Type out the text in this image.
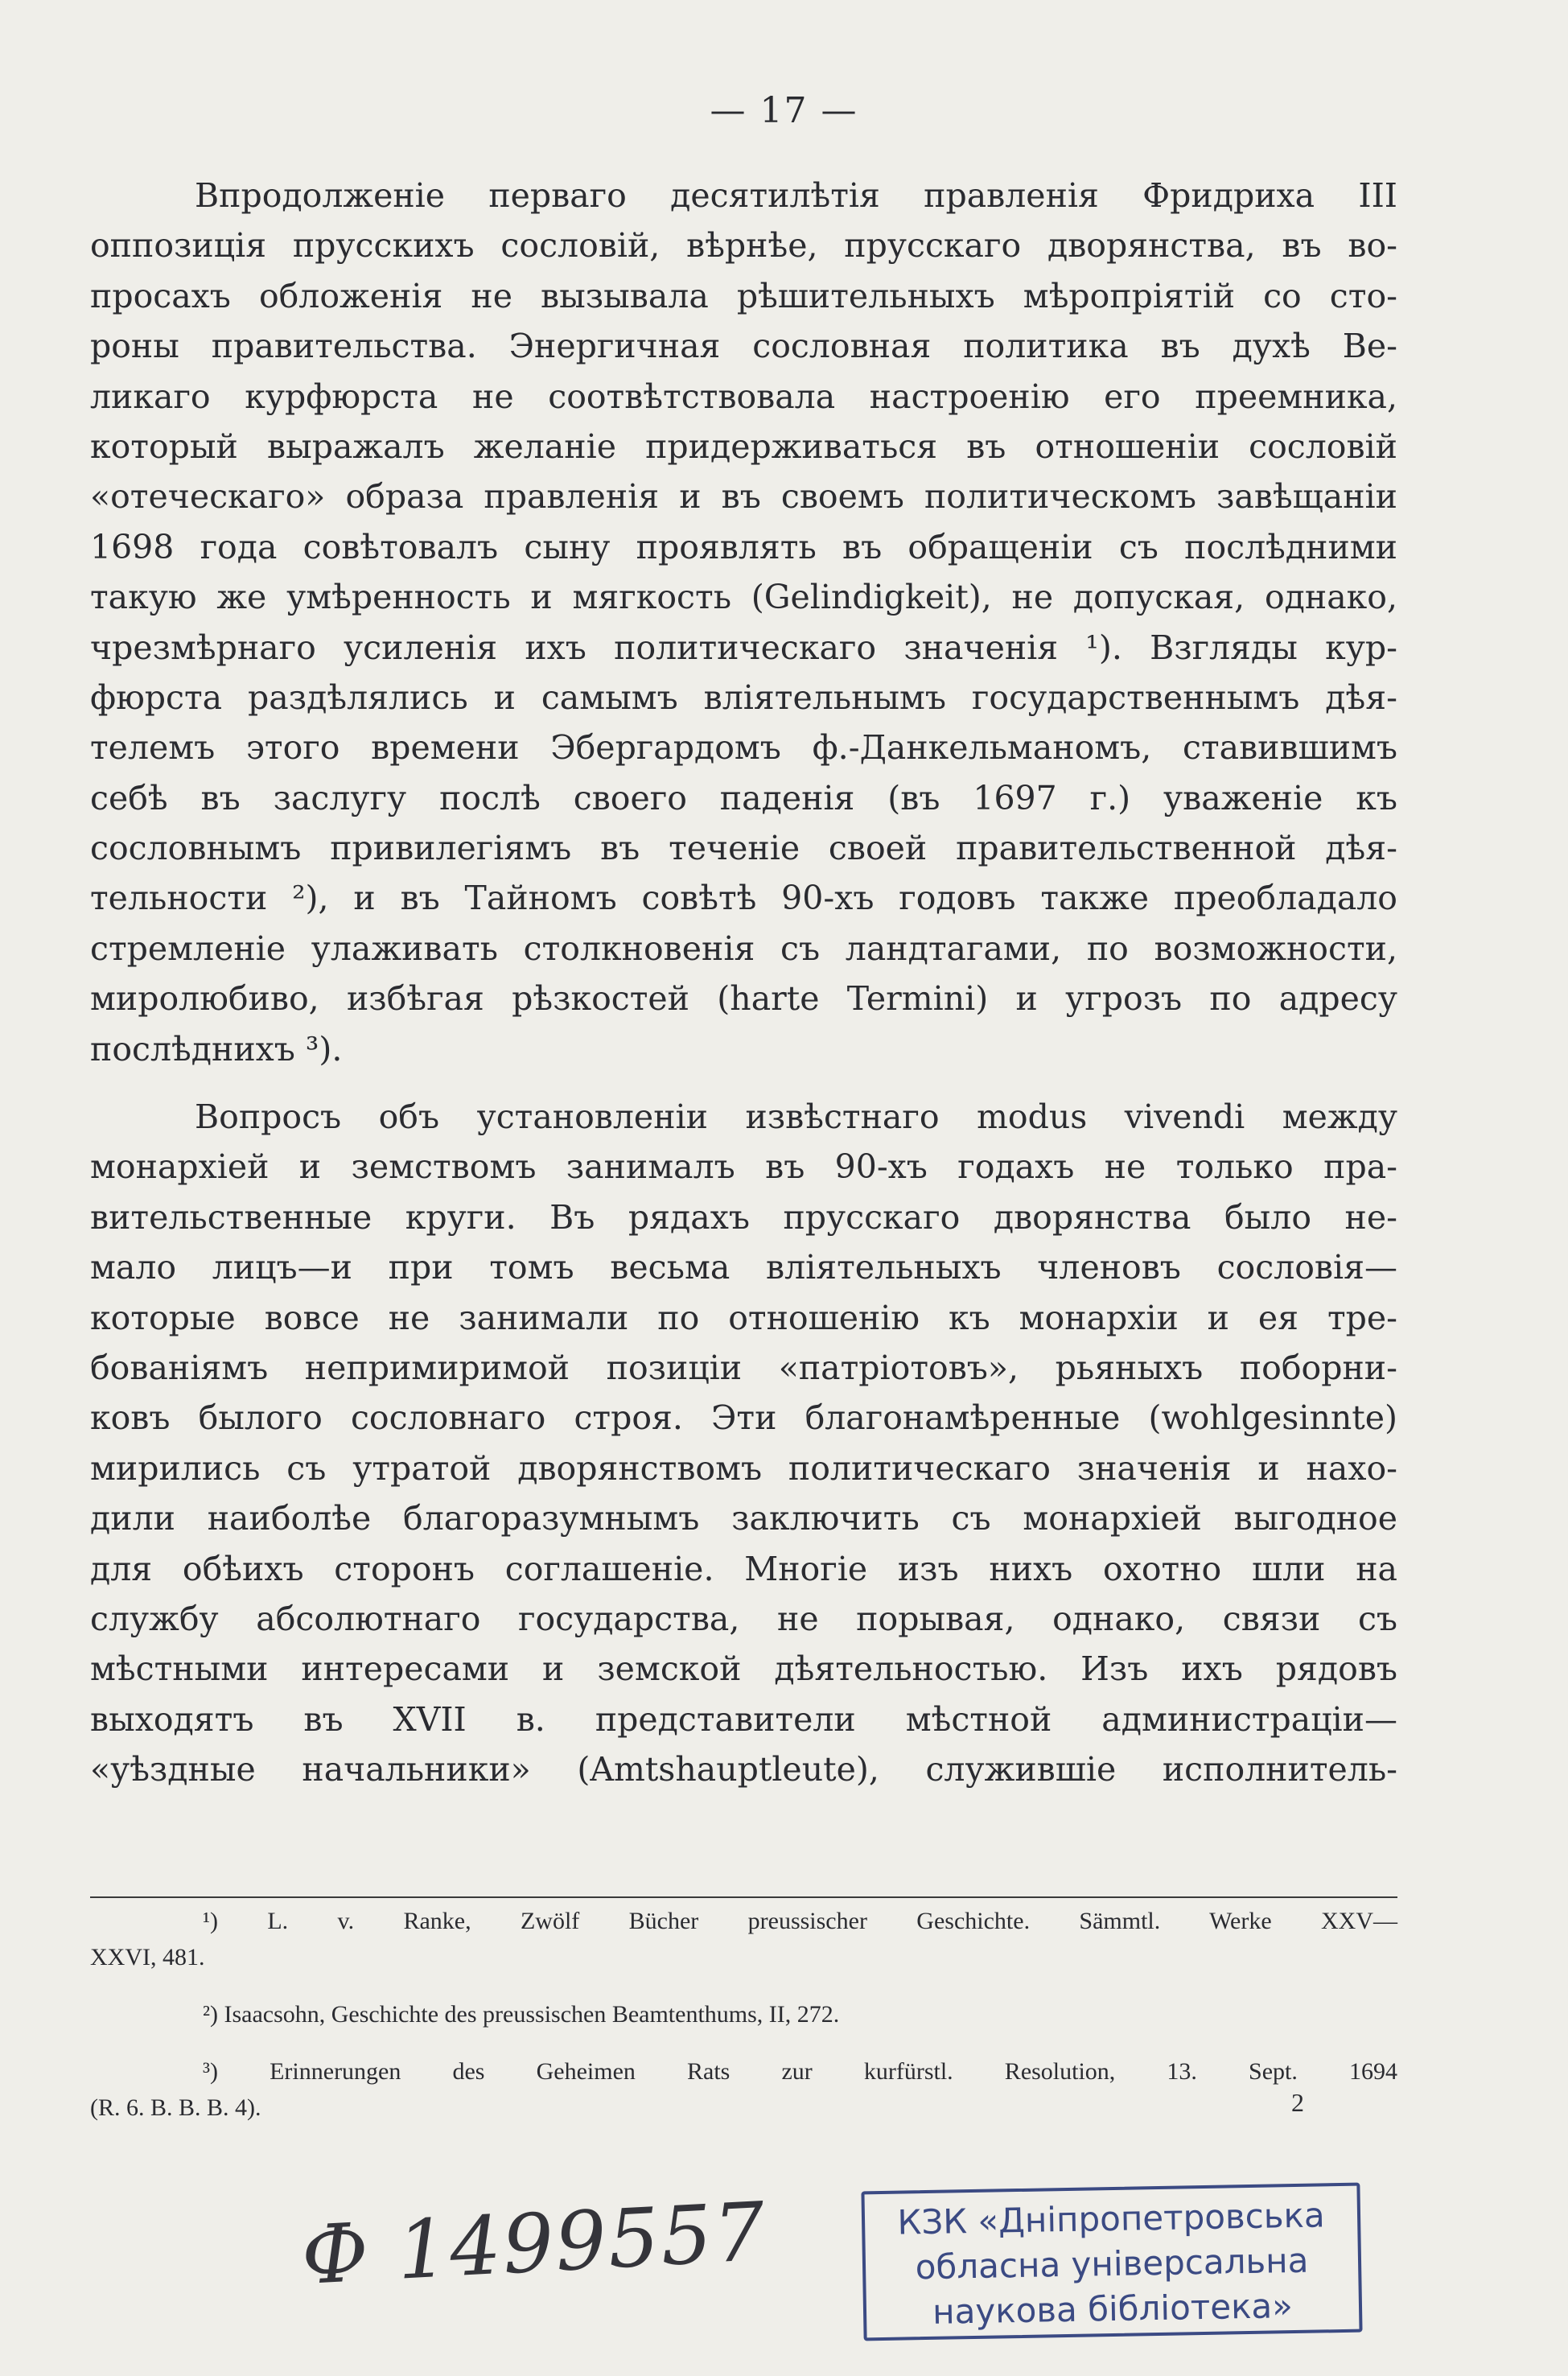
— 17 —
Впродолженіе перваго десятилѣтія правленія Фридриха III
оппозиція прусскихъ сословій, вѣрнѣе, прусскаго дворянства, въ во-
просахъ обложенія не вызывала рѣшительныхъ мѣропріятій со сто-
роны правительства. Энергичная сословная политика въ духѣ Ве-
ликаго курфюрста не соотвѣтствовала настроенію его преемника,
который выражалъ желаніе придерживаться въ отношеніи сословій
«отеческаго» образа правленія и въ своемъ политическомъ завѣщаніи
1698 года совѣтовалъ сыну проявлять въ обращеніи съ послѣдними
такую же умѣренность и мягкость (Gelindigkeit), не допуская, однако,
чрезмѣрнаго усиленія ихъ политическаго значенія ¹). Взгляды кур-
фюрста раздѣлялись и самымъ вліятельнымъ государственнымъ дѣя-
телемъ этого времени Эбергардомъ ф.-Данкельманомъ, ставившимъ
себѣ въ заслугу послѣ своего паденія (въ 1697 г.) уваженіе къ
сословнымъ привилегіямъ въ теченіе своей правительственной дѣя-
тельности ²), и въ Тайномъ совѣтѣ 90-хъ годовъ также преобладало
стремленіе улаживать столкновенія съ ландтагами, по возможности,
миролюбиво, избѣгая рѣзкостей (harte Termini) и угрозъ по адресу
послѣднихъ ³).
Вопросъ объ установленіи извѣстнаго modus vivendi между
монархіей и земствомъ занималъ въ 90-хъ годахъ не только пра-
вительственные круги. Въ рядахъ прусскаго дворянства было не-
мало лицъ—и при томъ весьма вліятельныхъ членовъ сословія—
которые вовсе не занимали по отношенію къ монархіи и ея тре-
бованіямъ непримиримой позиціи «патріотовъ», рьяныхъ поборни-
ковъ былого сословнаго строя. Эти благонамѣренные (wohlgesinnte)
мирились съ утратой дворянствомъ политическаго значенія и нахо-
дили наиболѣе благоразумнымъ заключить съ монархіей выгодное
для обѣихъ сторонъ соглашеніе. Многіе изъ нихъ охотно шли на
службу абсолютнаго государства, не порывая, однако, связи съ
мѣстными интересами и земской дѣятельностью. Изъ ихъ рядовъ
выходятъ въ XVII в. представители мѣстной администраціи—
«уѣздные начальники» (Amtshauptleute), служившіе исполнитель-
¹) L. v. Ranke, Zwölf Bücher preussischer Geschichte. Sämmtl. Werke XXV—
XXVI, 481.
²) Isaacsohn, Geschichte des preussischen Beamtenthums, II, 272.
³) Erinnerungen des Geheimen Rats zur kurfürstl. Resolution, 13. Sept. 1694
(R. 6. B. B. B. 4).	2
Ф 1499557	КЗК «Дніпропетровська
обласна універсальна
наукова бібліотека»
